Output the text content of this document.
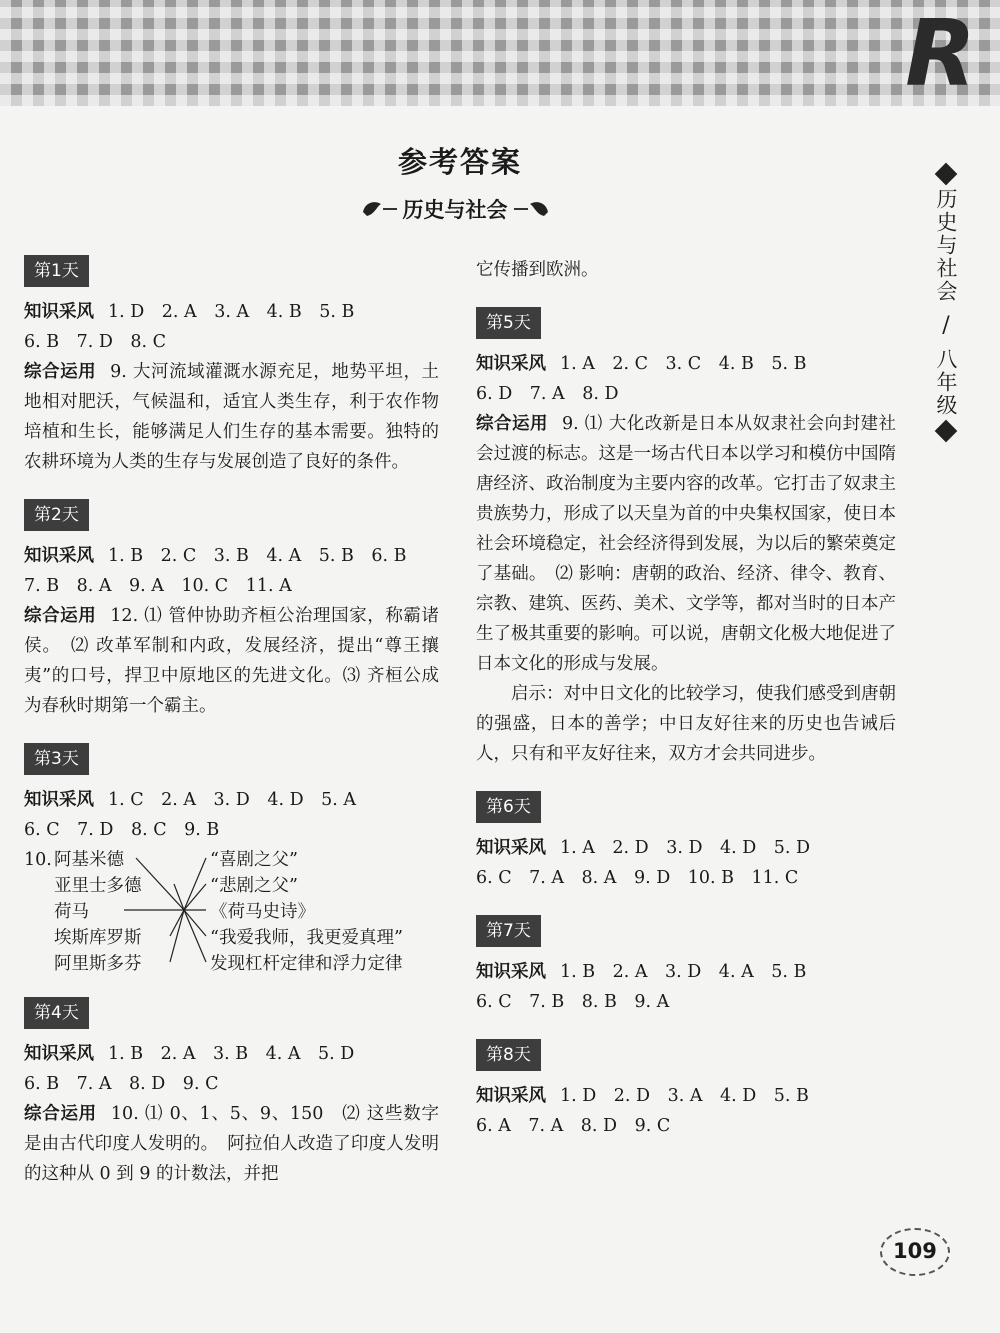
R
参考答案
历史与社会	历史与社会
/
八年级
第1天

知识采风 1. D　2. A　3. A　4. B　5. B

6. B　7. D　8. C

综合运用 9. 大河流域灌溉水源充足，地势平坦，土地相对肥沃，气候温和，适宜人类生存，利于农作物培植和生长，能够满足人们生存的基本需要。独特的农耕环境为人类的生存与发展创造了良好的条件。

第2天

知识采风 1. B　2. C　3. B　4. A　5. B　6. B

7. B　8. A　9. A　10. C　11. A

综合运用 12. ⑴ 管仲协助齐桓公治理国家，称霸诸侯。　⑵ 改革军制和内政，发展经济，提出“尊王攘夷”的口号，捍卫中原地区的先进文化。⑶ 齐桓公成为春秋时期第一个霸主。

第3天

知识采风 1. C　2. A　3. D　4. D　5. A

6. C　7. D　8. C　9. B

10. 阿基米德
亚里士多德
荷马
埃斯库罗斯
阿里斯多芬
“喜剧之父”
“悲剧之父”
《荷马史诗》
“我爱我师，我更爱真理”
发现杠杆定律和浮力定律
第4天

知识采风 1. B　2. A　3. B　4. A　5. D

6. B　7. A　8. D　9. C

综合运用 10. ⑴ 0、1、5、9、150　⑵ 这些数字是由古代印度人发明的。　阿拉伯人改造了印度人发明的这种从 0 到 9 的计数法，并把

它传播到欧洲。

第5天

知识采风 1. A　2. C　3. C　4. B　5. B

6. D　7. A　8. D

综合运用 9. ⑴ 大化改新是日本从奴隶社会向封建社会过渡的标志。这是一场古代日本以学习和模仿中国隋唐经济、政治制度为主要内容的改革。它打击了奴隶主贵族势力，形成了以天皇为首的中央集权国家，使日本社会环境稳定，社会经济得到发展，为以后的繁荣奠定了基础。　⑵ 影响：唐朝的政治、经济、律令、教育、宗教、建筑、医药、美术、文学等，都对当时的日本产生了极其重要的影响。可以说，唐朝文化极大地促进了日本文化的形成与发展。

启示：对中日文化的比较学习，使我们感受到唐朝的强盛，日本的善学；中日友好往来的历史也告诫后人，只有和平友好往来，双方才会共同进步。

第6天

知识采风 1. A　2. D　3. D　4. D　5. D

6. C　7. A　8. A　9. D　10. B　11. C

第7天

知识采风 1. B　2. A　3. D　4. A　5. B

6. C　7. B　8. B　9. A

第8天

知识采风 1. D　2. D　3. A　4. D　5. B

6. A　7. A　8. D　9. C

109
